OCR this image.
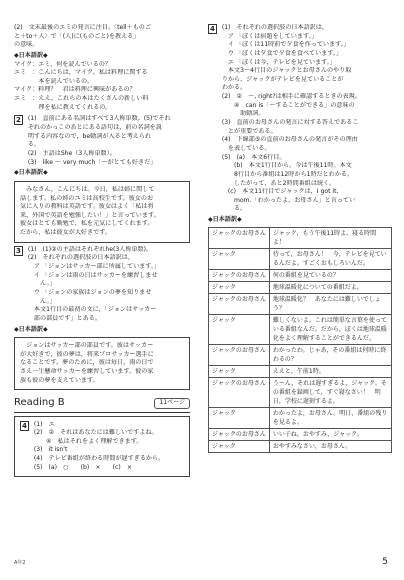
(2)　文末最後のエミの発言に注目。〈tell＋ものご
と＋to＋人〉で「(人)に(ものごと)を教える」
の意味。
◆日本語訳◆
マイク：エミ，何を読んでいるの？
エミ　：こんにちは，マイク。私は料理に関する
　　　　本を読んでいるの。
マイク：料理？　君は料理に興味があるの？
エミ　：ええ。これらの本はたくさんの新しい料
　　　　理を私に教えてくれるの。
2 (1)　直前にある名詞はすべて3人称単数。(5)でそれ
ぞれのかっこのあとにある語句は，前の名詞を説
明する内容なので，be動詞が入ると考えられ
る。
(2)　主語はShe（3人称単数）。
(3)　like ～ very much「～がとても好きだ」
◆日本語訳◆
　みなさん，こんにちは。今日，私は姉に関して
話します。私の姉のユミは高校生です。彼女のお
気に入りの教科は英語です。彼女はよく「私は将
来，外国で英語を勉強したい！」と言っています。
彼女はとても勤勉で，私を元気にしてくれます。
だから，私は彼女が大好きです。
3 (1)　(1)②の主語はそれぞれhe(3人称単数)。
(2)　それぞれの選択肢の日本語訳は，
　ア 「ジョンはサッカー部に所属しています。」
　イ 「ジョンは雨の日はサッカーを練習しませ
　　ん。」
　ウ 「ジョンの家族はジョンの夢を知りませ
　　ん。」
　本文1行目の最初の文に，「ジョンはサッカー
　部の部員です」とある。
◆日本語訳◆
　ジョンはサッカー部の部員です。彼はサッカー
が大好きで，彼の夢は，将来プロサッカー選手に
なることです。夢のために，彼は毎日，雨の日で
さえ一生懸命サッカーを練習しています。彼の家
族も彼の夢を支えています。
Reading B	11ページ
4 (1)　エ
(2)　②　それはあなたには難しいですよね。
　　④　私はそれをよく理解できます。
(3)　it isn't
(4)　テレビ番組が終わる時間が遅すぎるから。
(5)　(a)　○　　(b)　×　　(c)　×
4 (1)　それぞれの選択肢の日本語訳は，
　ア 「ぼくは宿題をしています。」
　イ 「ぼくは11時前で夕食を作っています。」
　ウ 「ぼくは夕食で夕食を食べています。」
　エ 「ぼくは今，テレビを見ています。」
　本文3～4行目のジャックとお母さんのやり取
りから，ジャックがテレビを見ていることが
わかる。
(2)　②　～, right?は相手に確認するときの表現。
　　④　can is「～することができる」の意味の
　　　助動詞。
(3)　直前のお母さんの発言に対する答えであるこ
　とが重要である。
(4)　下線部⑤の直前のお母さんの発言がその理由
　を表している。
(5)　(a)　本文6行目。
　　(b)　本文1行目から，今は午後11時。本文
　　8行目から番組は12時から1時だとわかる。
　　したがって，あと2時間番組は続く。
　(c)　本文11行目でジャックは，I got it,
　　mom.「わかったよ，お母さん」と言ってい
　　る。
◆日本語訳◆
ジャックのお母さん	ジャック，もう午後11時よ。寝る時間よ！
ジャック	待って，お母さん！　今，テレビを見ているんだよ。すごくおもしろいんだ。
ジャックのお母さん	何の番組を見ているの？
ジャック	地球温暖化についての番組だよ。
ジャックのお母さん	地球温暖化？　あなたには難しいでしょう？
ジャック	難しくないよ。これは簡単な言葉を使っている番組なんだ。だから，ぼくは地球温暖化をよく理解することができるんだ。
ジャックのお母さん	わかったわ。じゃあ，その番組は何時に終わるの？
ジャック	ええと，午前1時。
ジャックのお母さん	うーん，それは遅すぎるよ，ジャック。その番組を録画して，すぐ寝なさい！　明日，学校に遅刻するよ。
ジャック	わかったよ，お母さん。明日，番組の残りを見るよ。
ジャックのお母さん	いい子ね。おやすみ，ジャック。
ジャック	おやすみなさい，お母さん。
A年2	5
